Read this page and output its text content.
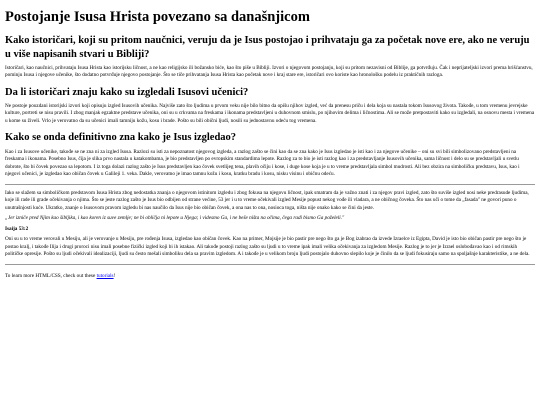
Postojanje Isusa Hrista povezano sa današnjicom
Kako istoričari, koji su pritom naučnici, veruju da je Isus postojao i prihvataju ga za početak nove ere, ako ne veruju u više napisanih stvari u Bibliji?

Istoričari, kao naučnici, prihvataju Isusa Hrista kao istorijsku ličnost, a ne kao religijsko ili božansko biće, kao što piše u Bibliji. Izvori o njegovom postojanju, koji su pritom nezavisni od Biblije, ga potvrđuju. Čak i neprijateljski izvori prema hrišćanstvu, pominju Isusa i njegove učenike, što dodatno potvrđuje njegovo postojanje. Što se tiče prihvatanja Isusa Hrista kao početak nove i kraj stare ere, istoričari ovo koriste kao hronološku podelu iz praktičnih razloga.

Da li istoričari znaju kako su izgledali Isusovi učenici?

Ne postoje pouzdani istorijski izvori koji opisuju izgled Isusovih učenika. Najviše zato što ljudima u prvom veku nije bilo bitno da opišu njihov izgled, već da prenesu priču i dela koja su nastala tokom Isusovog života. Takođe, u tom vremenu jevrejske kulture, portreti se nisu pravili. I zbog manjak egzaktne predstave učenika, oni su u crkvama na freskama i ikonama predstavljeni u duhovnom smislu, po njihovim delima i ličnostima. Ali se može pretpostaviti kako su izgledali, na osnovu mesta i vremena u kome su živeli. Vrlo je verovatno da su učenici imali tamniju kožu, kosu i brade. Pošto su bili obični ljudi, nosili su jednostavnu odeću tog vremena.

Kako se onda definitivno zna kako je Isus izgledao?

Kao i za Isusove učenike, takođe se ne zna ni za izgled Isusa. Razlozi su isti za nepoznatost njegovog izgleda, a razlog zašto se čini kao da se zna kako je Isus izgledao je isti kao i za njegove učenike – oni su svi bili simbolizovano predstavljeni na freskama i ikonama. Posebno Isus, čija je slika prvo nastala u katakombama, je bio predstavljen po evropskim standardima lepote. Razlog za to bio je isti razlog kao i za predstavljanje Isusovih učenika, sama ličnost i delo su se predstavljali u svetlu dobrote, što bi čovek povezao sa lepotom. I iz toga dolazi razlog zašto je Isus predstavljen kao čovek svetlijeg tena, plavih očiju i kose, i duge kose koja je u to vreme predstavljala simbol mudrosti. Ali bez obzira na simboličku predstavu, Isus, kao i njegovi učenici, je izgledao kao običan čovek u Galileji 1. veka. Dakle, verovatno je imao tamnu kožu i kosu, kratku bradu i kosu, nisku visinu i običnu odeću.

Iako se slažem sa simboličkom predstavom Isusa Hrista zbog nedostatka znanja o njegovom istinitom izgledu i zbog fokusa na njegovu ličnost, ipak smatram da je važno znati i za njegov pravi izgled, zato što suviše izgled nosi neke predrasude ljudima, koje ili rade ili grade očekivanja o njima. Što se jeste razlog zašto je Isus bio odbijen od strane većine, 53 jer i u to vreme očekivali izgled Mesije popust nekog vođe ili vladara, a ne običnog čoveka. Što nas uči o tome da „fasada" ne govori puno o unutrašnjosti kuće. Ukratko, znanje o Isusovom pravom izgledu bi nas naučilo da Isus nije bio običan čovek, a ona nas to ona, nosioca toga, ništa nije onako kako se čini da jeste.

„Jer izniče pred Njim kao šibljika, i kao koren iz suve zemlje; ne bi obličja ni lepote u Njega; i videsmo Ga, i ne beše ništa na očima, čega radi bismo Ga poželeli."

Isaija 53:2

Oni su u to vreme verovali u Mesiju, ali je verovanje u Mesiju, pre rođenja Isusa, izgledao kao običan čovek. Kao na primer, Mojsije je bio pastir pre nego što ga je Bog izabrao da izvede Izraelce iz Egipta, David je isto bio običan pastir pre nego što je postao kralj, i takođe Ilija i drugi proroci nisu imali posebne fizički izgled koji bi ih istakao. Ali takođe postoji razlog zašto su ljudi u to vreme ipak imali velika očekivanja za izgledom Mesije. Razlog je to jer je Izrael oslobođavao kao i od rimskih političke opresije. Pošto su ljudi očekivali idealizaciji, ljudi su često mešali simboliku dela sa pravim izgledom. A i takođe je u velikom broju ljudi postojalo duhovno slepilo koje je činilo da se ljudi fokusiraju samo na spoljašnje karakteristike, a ne dela.

To learn more HTML/CSS, check out these tutorials!
